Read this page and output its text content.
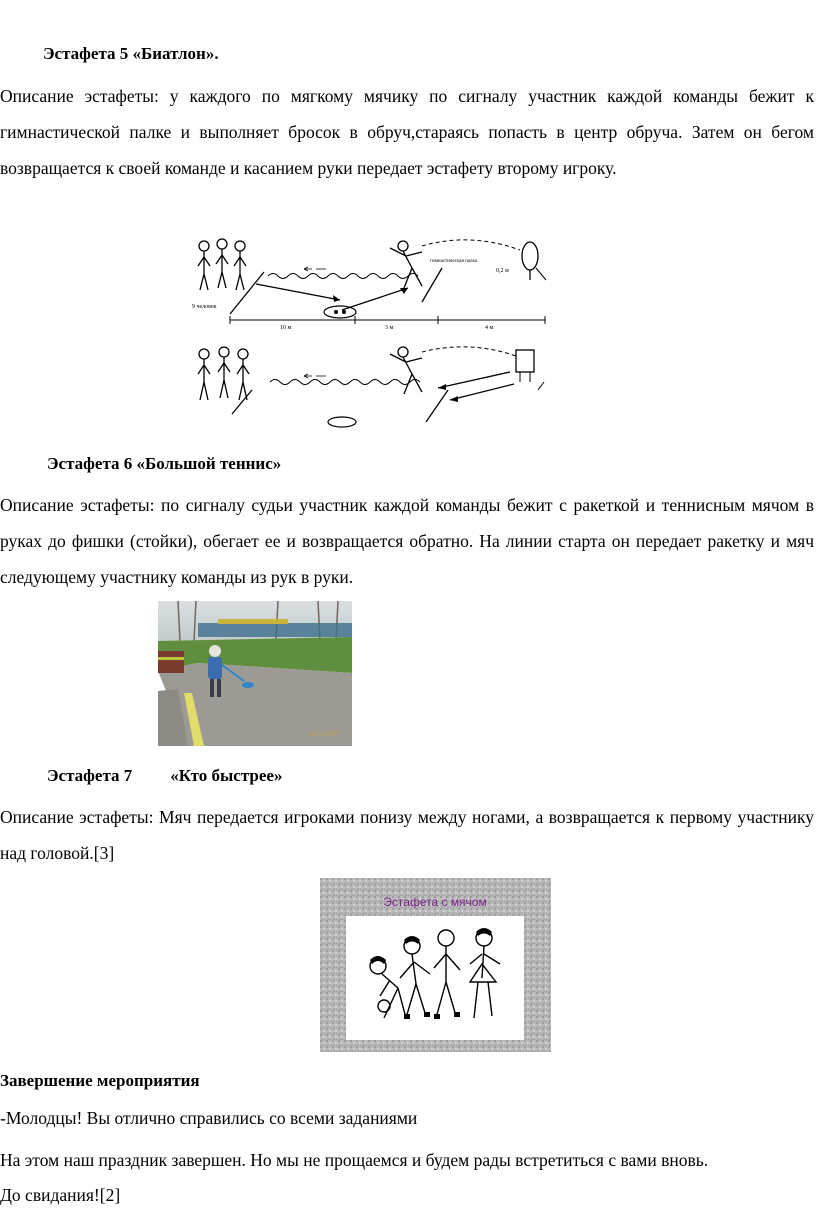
Эстафета 5 «Биатлон».
Описание эстафеты: у каждого по мягкому мячику по сигналу участник каждой команды бежит к гимнастической палке и выполняет бросок в обруч,стараясь попасть в центр обруча. Затем он бегом возвращается к своей команде и касанием руки передает эстафету второму игроку.
9 человек
гимнастическая палка
0,2 м
10 м	3 м	4 м
Эстафета 6 «Большой теннис»
Описание эстафеты: по сигналу судьи участник каждой команды бежит с ракеткой и теннисным мячом в руках до фишки (стойки), обегает ее и возвращается обратно. На линии старта он передает ракетку и мяч следующему участнику команды из рук в руки.
03.16.2017
Эстафета 7 «Кто быстрее»
Описание эстафеты: Мяч передается игроками понизу между ногами, а возвращается к первому участнику над головой.[3]
Эстафета с мячом
Завершение мероприятия
-Молодцы! Вы отлично справились со всеми заданиями
На этом наш праздник завершен. Но мы не прощаемся и будем рады встретиться с вами вновь.
До свидания![2]
